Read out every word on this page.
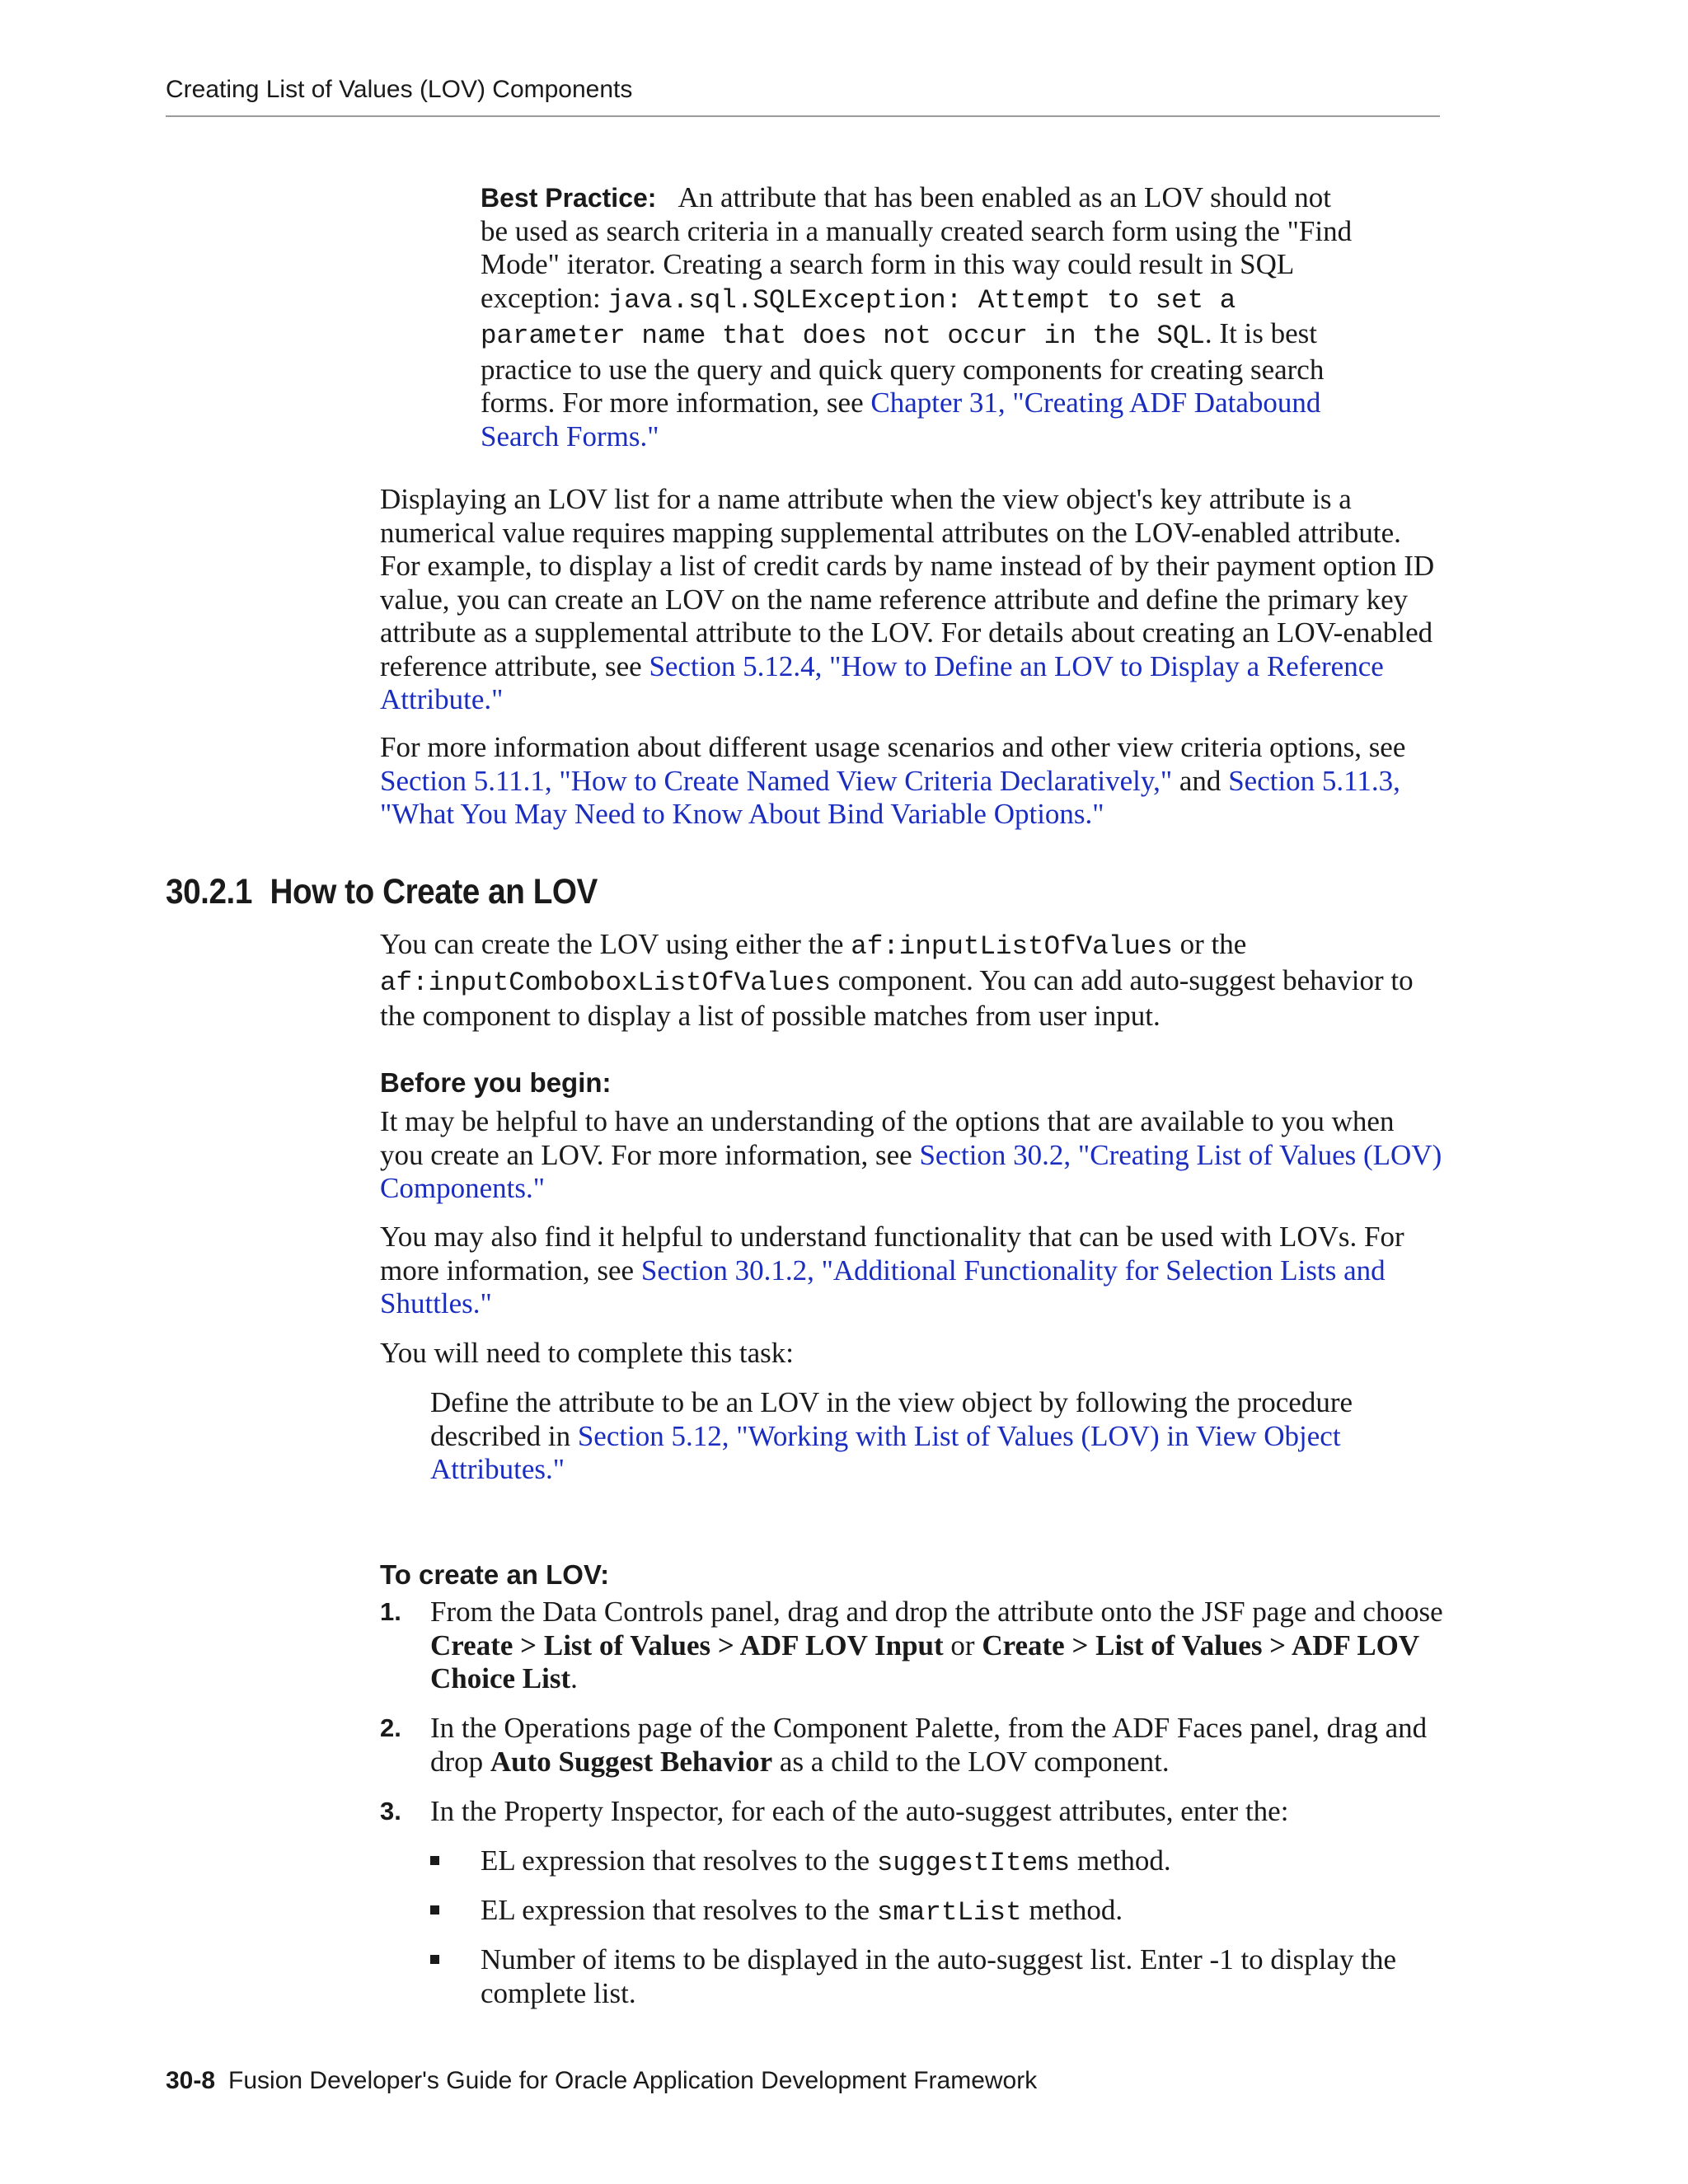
Creating List of Values (LOV) Components

Best Practice: An attribute that has been enabled as an LOV should not be used as search criteria in a manually created search form using the "Find Mode" iterator. Creating a search form in this way could result in SQL exception: java.sql.SQLException: Attempt to set a parameter name that does not occur in the SQL. It is best practice to use the query and quick query components for creating search forms. For more information, see Chapter 31, "Creating ADF Databound Search Forms."

Displaying an LOV list for a name attribute when the view object's key attribute is a numerical value requires mapping supplemental attributes on the LOV-enabled attribute. For example, to display a list of credit cards by name instead of by their payment option ID value, you can create an LOV on the name reference attribute and define the primary key attribute as a supplemental attribute to the LOV. For details about creating an LOV-enabled reference attribute, see Section 5.12.4, "How to Define an LOV to Display a Reference Attribute."

For more information about different usage scenarios and other view criteria options, see Section 5.11.1, "How to Create Named View Criteria Declaratively," and Section 5.11.3, "What You May Need to Know About Bind Variable Options."

30.2.1 How to Create an LOV

You can create the LOV using either the af:inputListOfValues or the af:inputComboboxListOfValues component. You can add auto-suggest behavior to the component to display a list of possible matches from user input.

Before you begin:

It may be helpful to have an understanding of the options that are available to you when you create an LOV. For more information, see Section 30.2, "Creating List of Values (LOV) Components."

You may also find it helpful to understand functionality that can be used with LOVs. For more information, see Section 30.1.2, "Additional Functionality for Selection Lists and Shuttles."

You will need to complete this task:

Define the attribute to be an LOV in the view object by following the procedure described in Section 5.12, "Working with List of Values (LOV) in View Object Attributes."

To create an LOV:
1. From the Data Controls panel, drag and drop the attribute onto the JSF page and choose Create > List of Values > ADF LOV Input or Create > List of Values > ADF LOV Choice List.

2. In the Operations page of the Component Palette, from the ADF Faces panel, drag and drop Auto Suggest Behavior as a child to the LOV component.

3. In the Property Inspector, for each of the auto-suggest attributes, enter the:

EL expression that resolves to the suggestItems method.

EL expression that resolves to the smartList method.

Number of items to be displayed in the auto-suggest list. Enter -1 to display the complete list.

30-8 Fusion Developer's Guide for Oracle Application Development Framework
